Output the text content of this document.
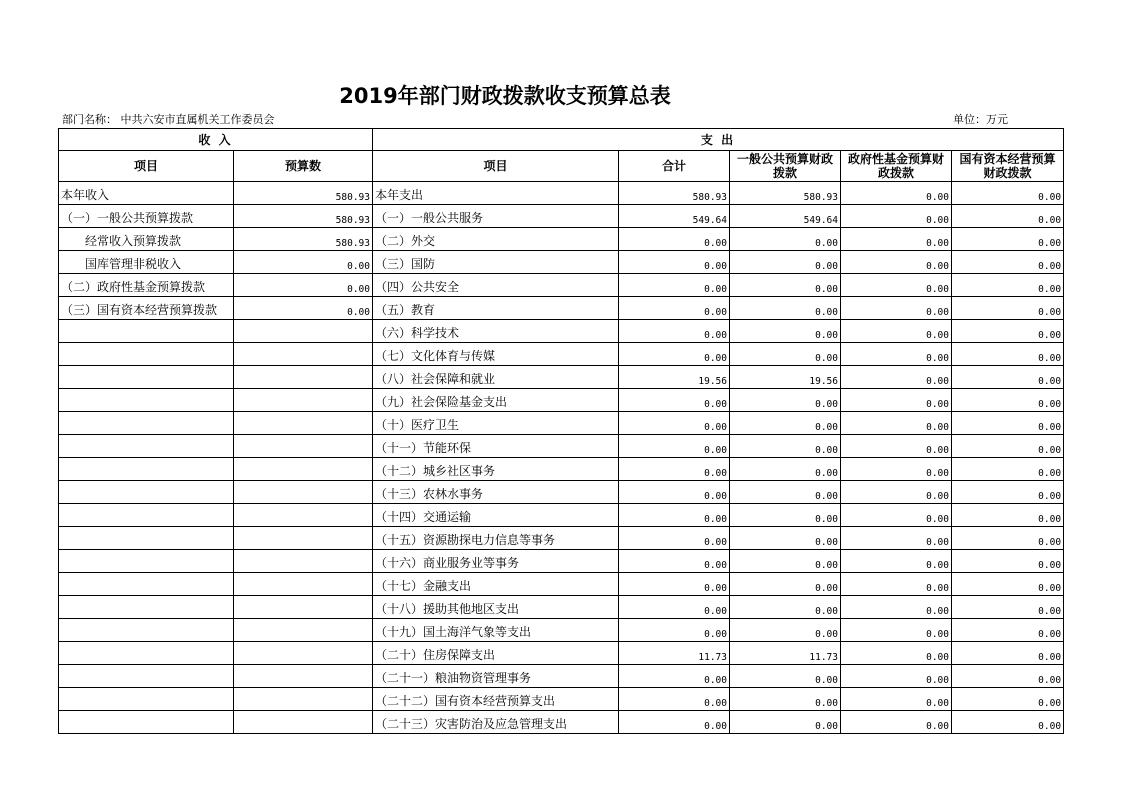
2019年部门财政拨款收支预算总表
部门名称： 中共六安市直属机关工作委员会	单位：万元
收 入		支 出				
项目	预算数	项目	合计	一般公共预算财政拨款	政府性基金预算财政拨款	国有资本经营预算财政拨款
本年收入	580.93	本年支出	580.93	580.93	0.00	0.00
（一）一般公共预算拨款	580.93	（一）一般公共服务	549.64	549.64	0.00	0.00
经常收入预算拨款	580.93	（二）外交	0.00	0.00	0.00	0.00
国库管理非税收入	0.00	（三）国防	0.00	0.00	0.00	0.00
（二）政府性基金预算拨款	0.00	（四）公共安全	0.00	0.00	0.00	0.00
（三）国有资本经营预算拨款	0.00	（五）教育	0.00	0.00	0.00	0.00
		（六）科学技术	0.00	0.00	0.00	0.00
		（七）文化体育与传媒	0.00	0.00	0.00	0.00
		（八）社会保障和就业	19.56	19.56	0.00	0.00
		（九）社会保险基金支出	0.00	0.00	0.00	0.00
		（十）医疗卫生	0.00	0.00	0.00	0.00
		（十一）节能环保	0.00	0.00	0.00	0.00
		（十二）城乡社区事务	0.00	0.00	0.00	0.00
		（十三）农林水事务	0.00	0.00	0.00	0.00
		（十四）交通运输	0.00	0.00	0.00	0.00
		（十五）资源勘探电力信息等事务	0.00	0.00	0.00	0.00
		（十六）商业服务业等事务	0.00	0.00	0.00	0.00
		（十七）金融支出	0.00	0.00	0.00	0.00
		（十八）援助其他地区支出	0.00	0.00	0.00	0.00
		（十九）国土海洋气象等支出	0.00	0.00	0.00	0.00
		（二十）住房保障支出	11.73	11.73	0.00	0.00
		（二十一）粮油物资管理事务	0.00	0.00	0.00	0.00
		（二十二）国有资本经营预算支出	0.00	0.00	0.00	0.00
		（二十三）灾害防治及应急管理支出	0.00	0.00	0.00	0.00
